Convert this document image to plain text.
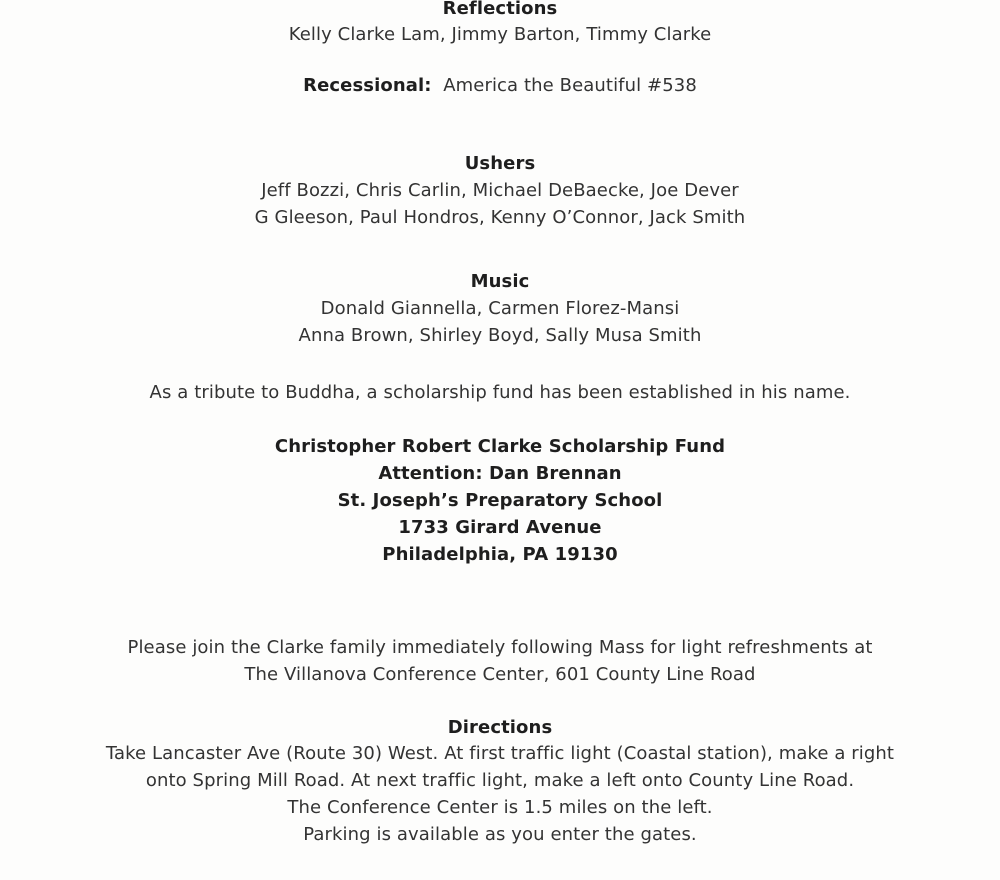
Reflections
Kelly Clarke Lam, Jimmy Barton, Timmy Clarke
Recessional: America the Beautiful #538
Ushers
Jeff Bozzi, Chris Carlin, Michael DeBaecke, Joe Dever
G Gleeson, Paul Hondros, Kenny O’Connor, Jack Smith
Music
Donald Giannella, Carmen Florez-Mansi
Anna Brown, Shirley Boyd, Sally Musa Smith
As a tribute to Buddha, a scholarship fund has been established in his name.
Christopher Robert Clarke Scholarship Fund
Attention: Dan Brennan
St. Joseph’s Preparatory School
1733 Girard Avenue
Philadelphia, PA 19130
Please join the Clarke family immediately following Mass for light refreshments at
The Villanova Conference Center, 601 County Line Road
Directions
Take Lancaster Ave (Route 30) West. At first traffic light (Coastal station), make a right
onto Spring Mill Road. At next traffic light, make a left onto County Line Road.
The Conference Center is 1.5 miles on the left.
Parking is available as you enter the gates.
